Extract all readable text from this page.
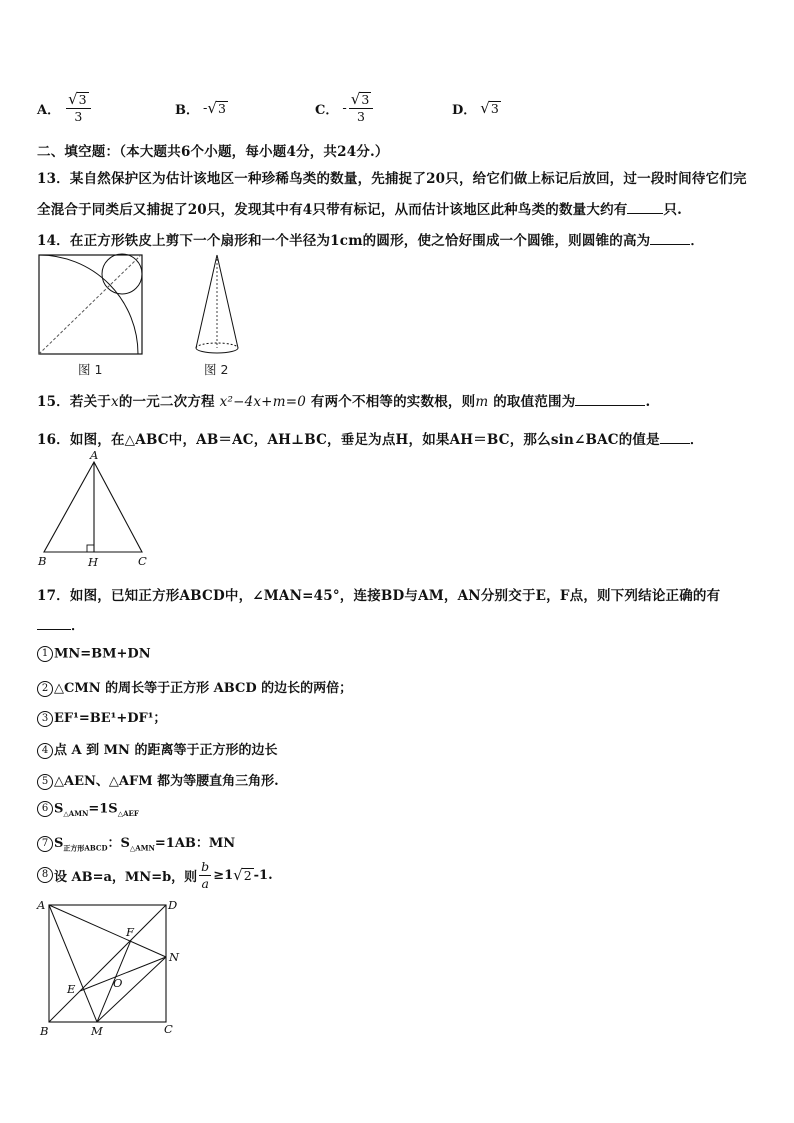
A． $\frac{√ 3}{3}$	B． - √ 3	C． - $\frac{√ 3}{3}$	D． √ 3
二、填空题：（本大题共6个小题，每小题4分，共24分.）
13．某自然保护区为估计该地区一种珍稀鸟类的数量，先捕捉了20只，给它们做上标记后放回，过一段时间待它们完
全混合于同类后又捕捉了20只，发现其中有4只带有标记，从而估计该地区此种鸟类的数量大约有	只.
14．在正方形铁皮上剪下一个扇形和一个半径为1cm的圆形，使之恰好围成一个圆锥，则圆锥的高为	．
图 1	图 2
15．若关于x的一元二次方程 x²−4x+m=0 有两个不相等的实数根，则m 的取值范围为	.
16．如图，在△ABC中，AB＝AC，AH⊥BC，垂足为点H，如果AH＝BC，那么sin∠BAC的值是 ．
A
B	H	C
17．如图，已知正方形ABCD中，∠MAN=45°，连接BD与AM，AN分别交于E，F点，则下列结论正确的有
．
1 MN=BM+DN
2 △CMN 的周长等于正方形 ABCD 的边长的两倍；
3 EF¹=BE¹+DF¹；
4 点 A 到 MN 的距离等于正方形的边长
5 △AEN、△AFM 都为等腰直角三角形.
6 $S_{\triangle AMN}=1S_{\triangle AEF}$
7 $S_{正方形ABCD}$：$S_{\triangle AMN}=1AB$：MN
8 设 AB=a，MN=b，则 $\frac{b}{a} \ge 1$ √ 2 -1.
A	D
F
N
E	O
B	M	C
